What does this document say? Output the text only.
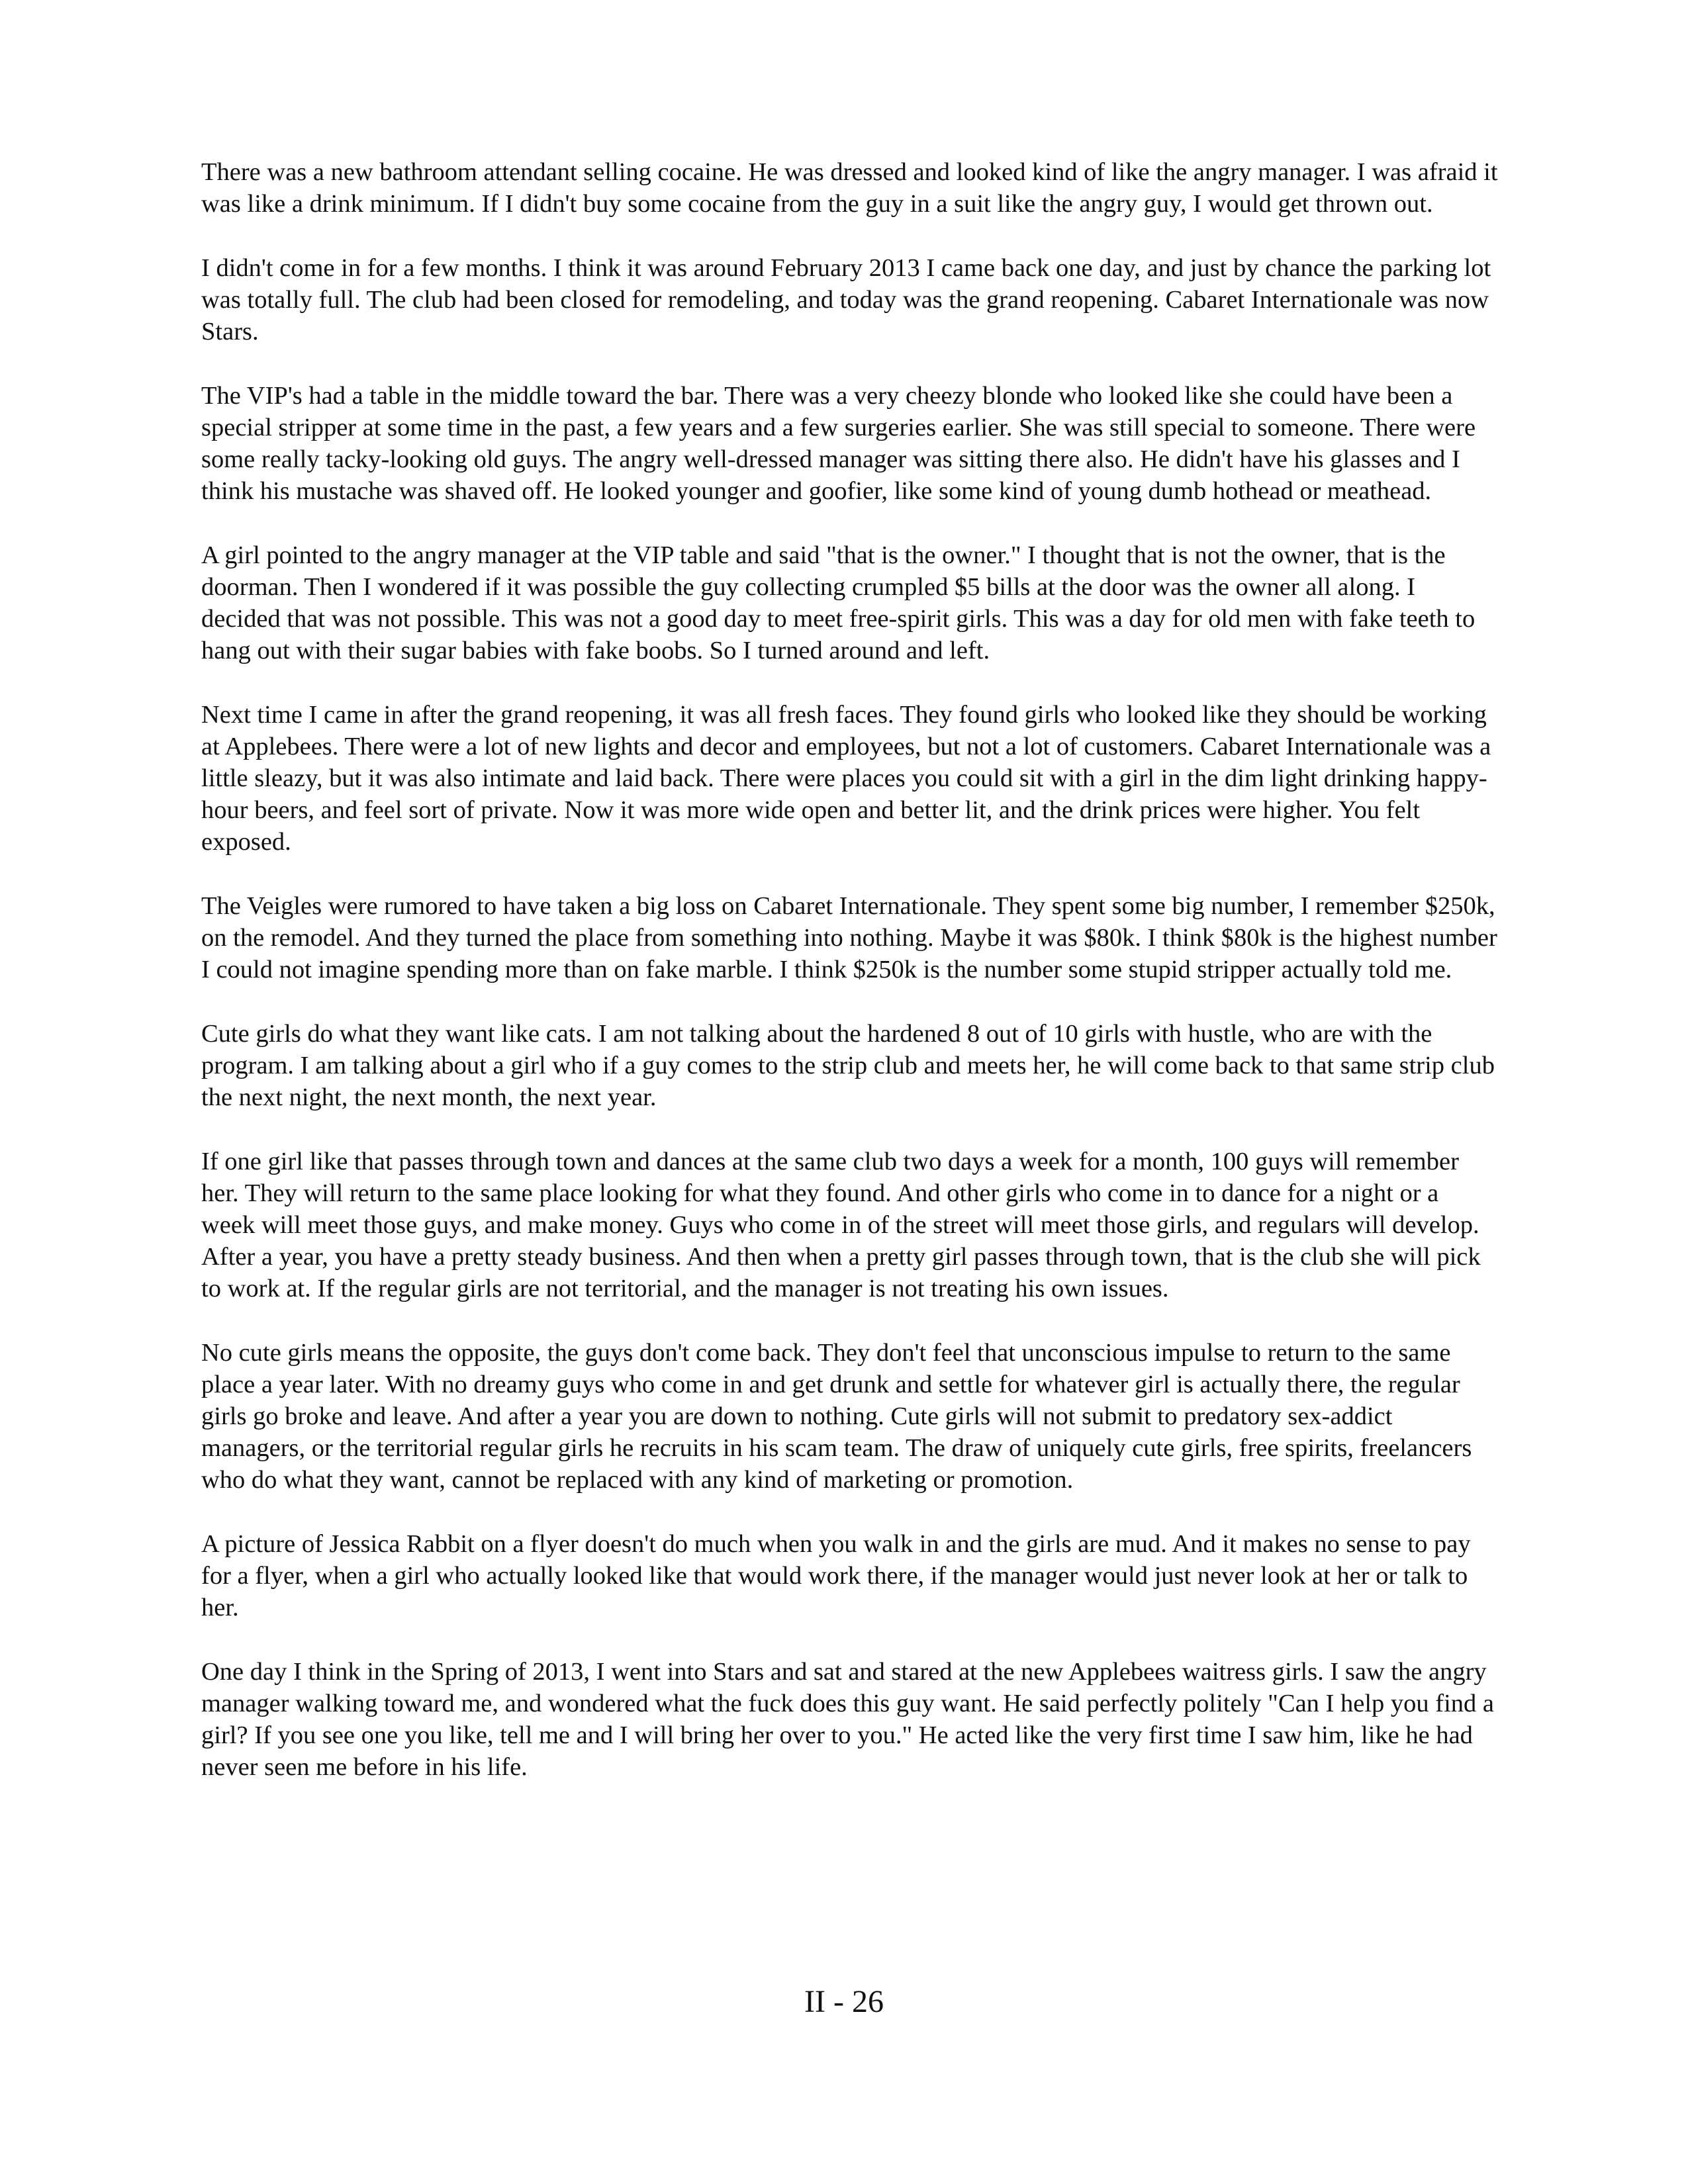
There was a new bathroom attendant selling cocaine. He was dressed and looked kind of like the angry manager. I was afraid it was like a drink minimum. If I didn't buy some cocaine from the guy in a suit like the angry guy, I would get thrown out.

I didn't come in for a few months. I think it was around February 2013 I came back one day, and just by chance the parking lot was totally full. The club had been closed for remodeling, and today was the grand reopening. Cabaret Internationale was now Stars.

The VIP's had a table in the middle toward the bar. There was a very cheezy blonde who looked like she could have been a special stripper at some time in the past, a few years and a few surgeries earlier. She was still special to someone. There were some really tacky-looking old guys. The angry well-dressed manager was sitting there also. He didn't have his glasses and I think his mustache was shaved off. He looked younger and goofier, like some kind of young dumb hothead or meathead.

A girl pointed to the angry manager at the VIP table and said "that is the owner." I thought that is not the owner, that is the doorman. Then I wondered if it was possible the guy collecting crumpled $5 bills at the door was the owner all along. I decided that was not possible. This was not a good day to meet free-spirit girls. This was a day for old men with fake teeth to hang out with their sugar babies with fake boobs. So I turned around and left.

Next time I came in after the grand reopening, it was all fresh faces. They found girls who looked like they should be working at Applebees. There were a lot of new lights and decor and employees, but not a lot of customers. Cabaret Internationale was a little sleazy, but it was also intimate and laid back. There were places you could sit with a girl in the dim light drinking happy-hour beers, and feel sort of private. Now it was more wide open and better lit, and the drink prices were higher. You felt exposed.

The Veigles were rumored to have taken a big loss on Cabaret Internationale. They spent some big number, I remember $250k, on the remodel. And they turned the place from something into nothing. Maybe it was $80k. I think $80k is the highest number I could not imagine spending more than on fake marble. I think $250k is the number some stupid stripper actually told me.

Cute girls do what they want like cats. I am not talking about the hardened 8 out of 10 girls with hustle, who are with the program. I am talking about a girl who if a guy comes to the strip club and meets her, he will come back to that same strip club the next night, the next month, the next year.

If one girl like that passes through town and dances at the same club two days a week for a month, 100 guys will remember her. They will return to the same place looking for what they found. And other girls who come in to dance for a night or a week will meet those guys, and make money. Guys who come in of the street will meet those girls, and regulars will develop. After a year, you have a pretty steady business. And then when a pretty girl passes through town, that is the club she will pick to work at. If the regular girls are not territorial, and the manager is not treating his own issues.

No cute girls means the opposite, the guys don't come back. They don't feel that unconscious impulse to return to the same place a year later. With no dreamy guys who come in and get drunk and settle for whatever girl is actually there, the regular girls go broke and leave. And after a year you are down to nothing. Cute girls will not submit to predatory sex-addict managers, or the territorial regular girls he recruits in his scam team. The draw of uniquely cute girls, free spirits, freelancers who do what they want, cannot be replaced with any kind of marketing or promotion.

A picture of Jessica Rabbit on a flyer doesn't do much when you walk in and the girls are mud. And it makes no sense to pay for a flyer, when a girl who actually looked like that would work there, if the manager would just never look at her or talk to her.

One day I think in the Spring of 2013, I went into Stars and sat and stared at the new Applebees waitress girls. I saw the angry manager walking toward me, and wondered what the fuck does this guy want. He said perfectly politely "Can I help you find a girl? If you see one you like, tell me and I will bring her over to you." He acted like the very first time I saw him, like he had never seen me before in his life.

II - 26
